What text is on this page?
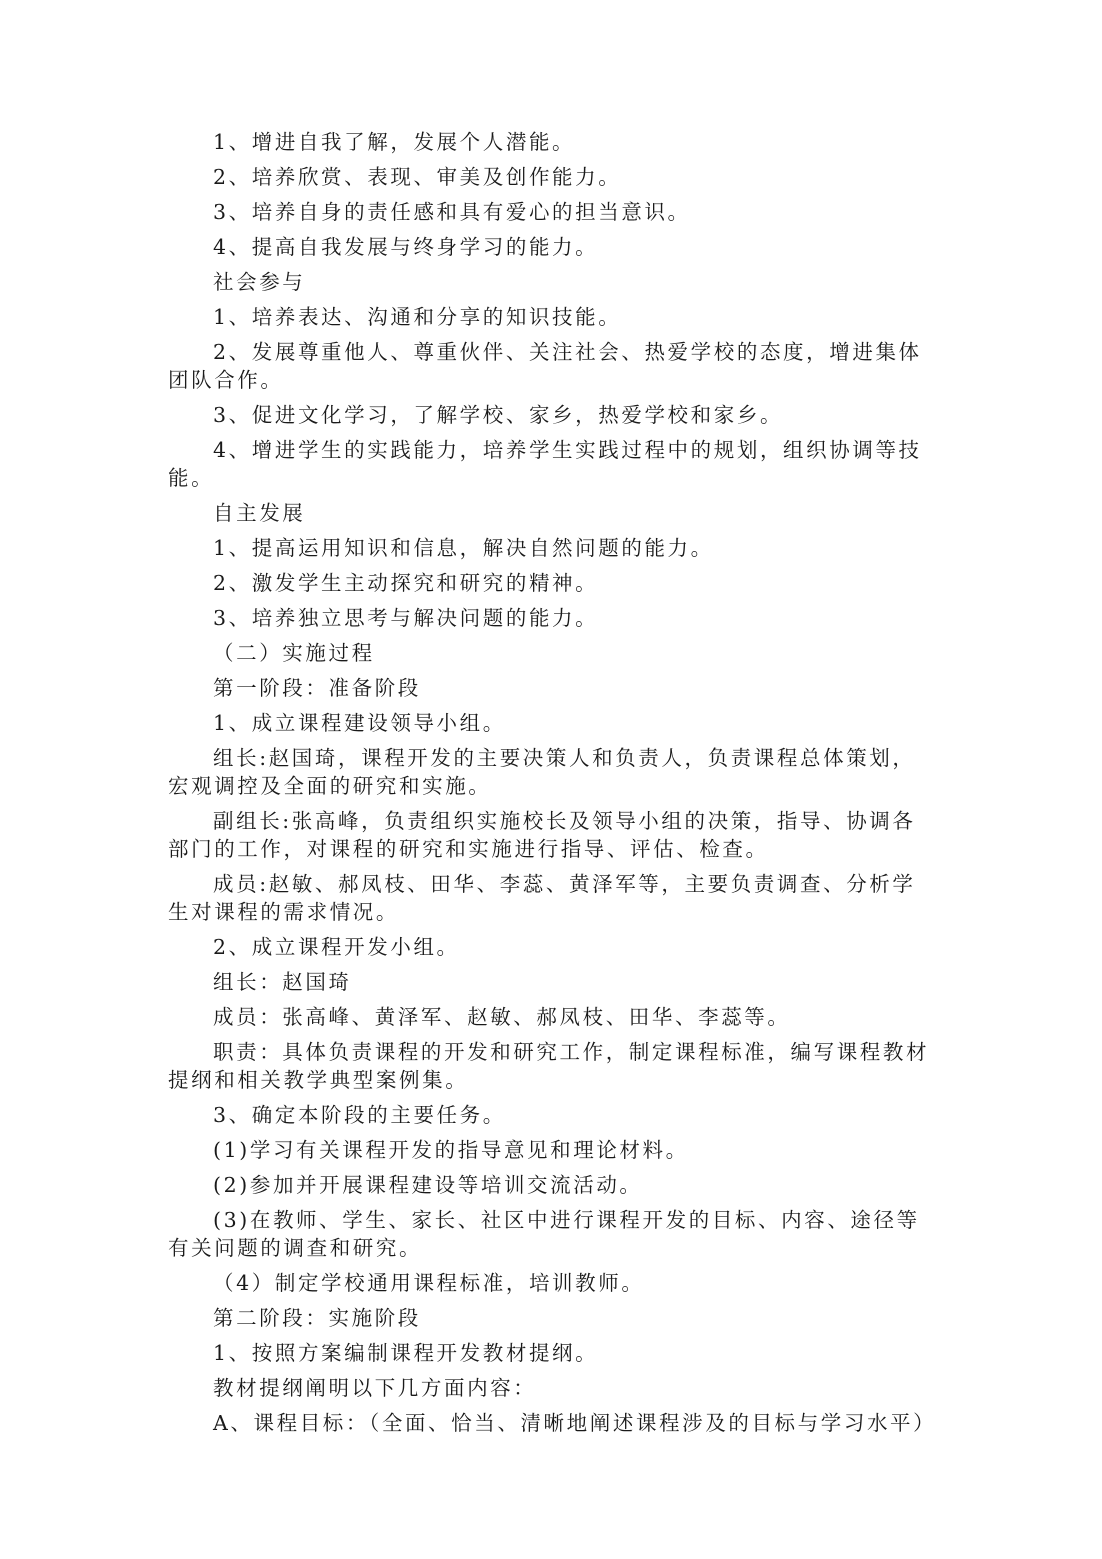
1、增进自我了解，发展个人潜能。

2、培养欣赏、表现、审美及创作能力。

3、培养自身的责任感和具有爱心的担当意识。

4、提高自我发展与终身学习的能力。

社会参与

1、培养表达、沟通和分享的知识技能。

2、发展尊重他人、尊重伙伴、关注社会、热爱学校的态度，增进集体团队合作。

3、促进文化学习，了解学校、家乡，热爱学校和家乡。

4、增进学生的实践能力，培养学生实践过程中的规划，组织协调等技能。

自主发展

1、提高运用知识和信息，解决自然问题的能力。

2、激发学生主动探究和研究的精神。

3、培养独立思考与解决问题的能力。

（二）实施过程

第一阶段：准备阶段

1、成立课程建设领导小组。

组长:赵国琦，课程开发的主要决策人和负责人，负责课程总体策划，宏观调控及全面的研究和实施。

副组长:张高峰，负责组织实施校长及领导小组的决策，指导、协调各部门的工作，对课程的研究和实施进行指导、评估、检查。

成员:赵敏、郝凤枝、田华、李蕊、黄泽军等，主要负责调查、分析学生对课程的需求情况。

2、成立课程开发小组。

组长：赵国琦

成员：张高峰、黄泽军、赵敏、郝凤枝、田华、李蕊等。

职责：具体负责课程的开发和研究工作，制定课程标准，编写课程教材提纲和相关教学典型案例集。

3、确定本阶段的主要任务。

(1)学习有关课程开发的指导意见和理论材料。

(2)参加并开展课程建设等培训交流活动。

(3)在教师、学生、家长、社区中进行课程开发的目标、内容、途径等有关问题的调查和研究。

（4）制定学校通用课程标准，培训教师。

第二阶段：实施阶段

1、按照方案编制课程开发教材提纲。

教材提纲阐明以下几方面内容：

A、课程目标：（全面、恰当、清晰地阐述课程涉及的目标与学习水平）
